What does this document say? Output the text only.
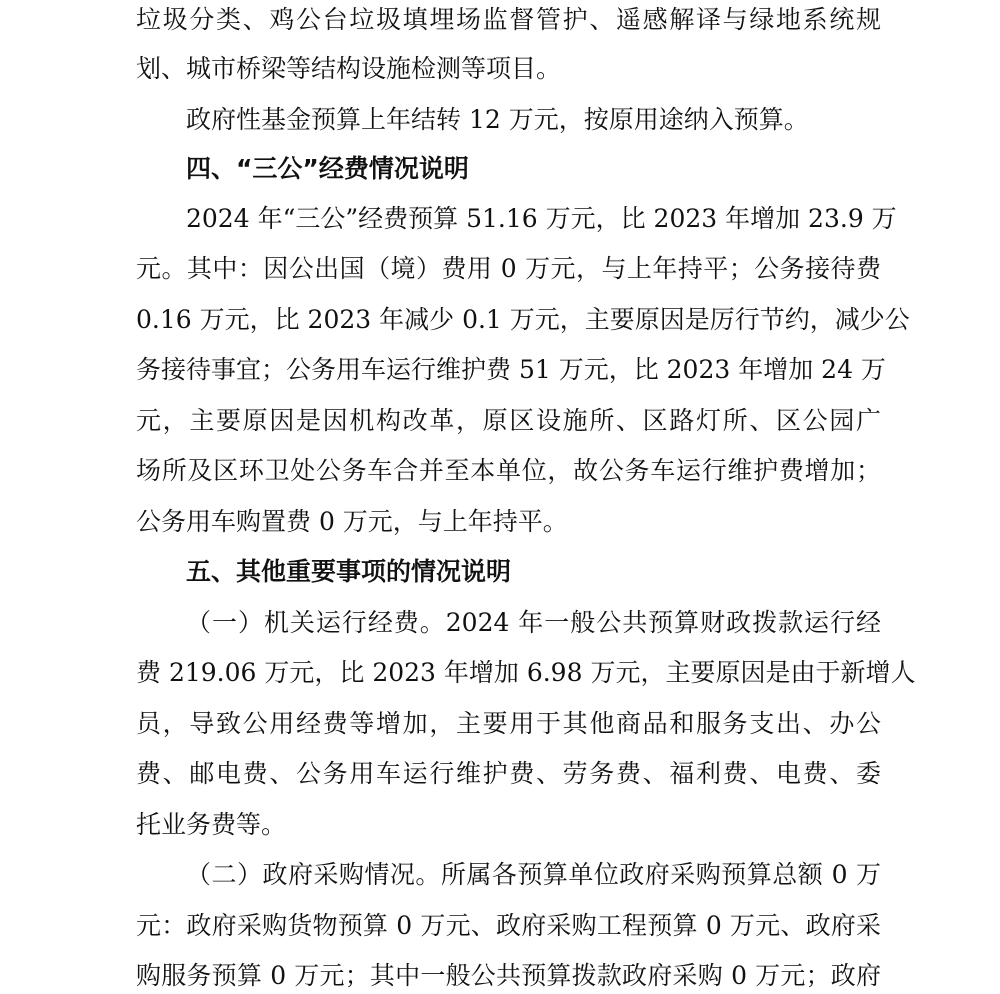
垃圾分类、鸡公台垃圾填埋场监督管护、遥感解译与绿地系统规
划、城市桥梁等结构设施检测等项目。
政府性基金预算上年结转 12 万元，按原用途纳入预算。
四、“三公”经费情况说明
2024 年“三公”经费预算 51.16 万元，比 2023 年增加 23.9 万
元。其中：因公出国（境）费用 0 万元，与上年持平；公务接待费
0.16 万元，比 2023 年减少 0.1 万元，主要原因是厉行节约，减少公
务接待事宜；公务用车运行维护费 51 万元，比 2023 年增加 24 万
元，主要原因是因机构改革，原区设施所、区路灯所、区公园广
场所及区环卫处公务车合并至本单位，故公务车运行维护费增加；
公务用车购置费 0 万元，与上年持平。
五、其他重要事项的情况说明
（一）机关运行经费。2024 年一般公共预算财政拨款运行经
费 219.06 万元，比 2023 年增加 6.98 万元，主要原因是由于新增人
员，导致公用经费等增加，主要用于其他商品和服务支出、办公
费、邮电费、公务用车运行维护费、劳务费、福利费、电费、委
托业务费等。
（二）政府采购情况。所属各预算单位政府采购预算总额 0 万
元：政府采购货物预算 0 万元、政府采购工程预算 0 万元、政府采
购服务预算 0 万元；其中一般公共预算拨款政府采购 0 万元；政府
